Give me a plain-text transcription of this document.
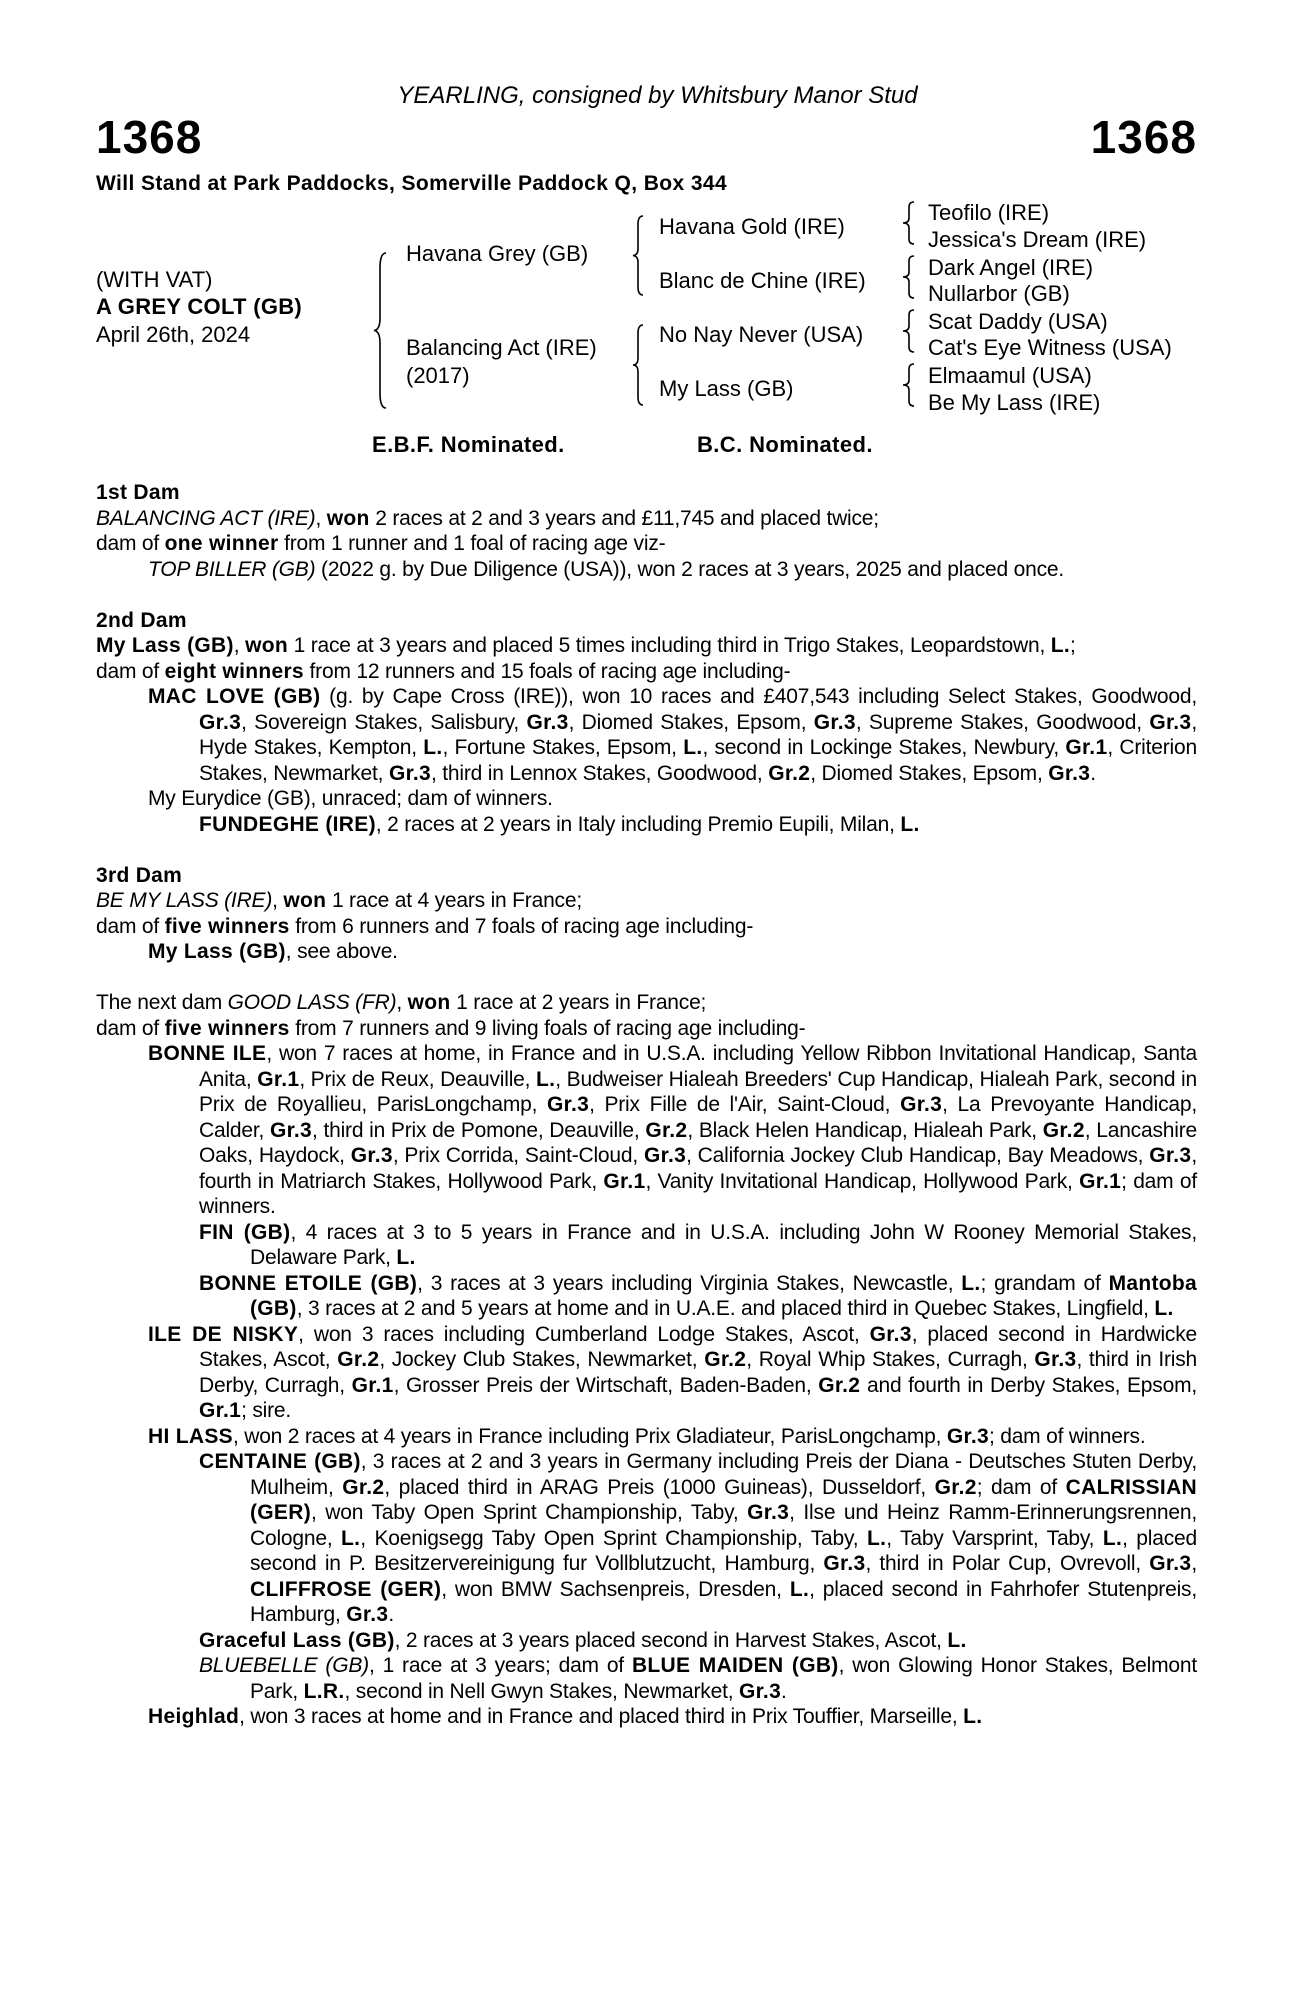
YEARLING, consigned by Whitsbury Manor Stud
1368	1368
Will Stand at Park Paddocks, Somerville Paddock Q, Box 344
(WITH VAT)
A GREY COLT (GB)
April 26th, 2024
Havana Grey (GB)
Balancing Act (IRE)
(2017)
Havana Gold (IRE)
Blanc de Chine (IRE)
No Nay Never (USA)
My Lass (GB)
Teofilo (IRE)
Jessica's Dream (IRE)
Dark Angel (IRE)
Nullarbor (GB)
Scat Daddy (USA)
Cat's Eye Witness (USA)
Elmaamul (USA)
Be My Lass (IRE)
E.B.F. Nominated.	B.C. Nominated.
1st Dam
BALANCING ACT (IRE), won 2 races at 2 and 3 years and £11,745 and placed twice;
dam of one winner from 1 runner and 1 foal of racing age viz-
TOP BILLER (GB) (2022 g. by Due Diligence (USA)), won 2 races at 3 years, 2025 and placed once.
2nd Dam
My Lass (GB), won 1 race at 3 years and placed 5 times including third in Trigo Stakes, Leopardstown, L.;
dam of eight winners from 12 runners and 15 foals of racing age including-
MAC LOVE (GB) (g. by Cape Cross (IRE)), won 10 races and £407,543 including Select Stakes, Goodwood, Gr.3, Sovereign Stakes, Salisbury, Gr.3, Diomed Stakes, Epsom, Gr.3, Supreme Stakes, Goodwood, Gr.3, Hyde Stakes, Kempton, L., Fortune Stakes, Epsom, L., second in Lockinge Stakes, Newbury, Gr.1, Criterion Stakes, Newmarket, Gr.3, third in Lennox Stakes, Goodwood, Gr.2, Diomed Stakes, Epsom, Gr.3.
My Eurydice (GB), unraced; dam of winners.
FUNDEGHE (IRE), 2 races at 2 years in Italy including Premio Eupili, Milan, L.
3rd Dam
BE MY LASS (IRE), won 1 race at 4 years in France;
dam of five winners from 6 runners and 7 foals of racing age including-
My Lass (GB), see above.
The next dam GOOD LASS (FR), won 1 race at 2 years in France;
dam of five winners from 7 runners and 9 living foals of racing age including-
BONNE ILE, won 7 races at home, in France and in U.S.A. including Yellow Ribbon Invitational Handicap, Santa Anita, Gr.1, Prix de Reux, Deauville, L., Budweiser Hialeah Breeders' Cup Handicap, Hialeah Park, second in Prix de Royallieu, ParisLongchamp, Gr.3, Prix Fille de l'Air, Saint-Cloud, Gr.3, La Prevoyante Handicap, Calder, Gr.3, third in Prix de Pomone, Deauville, Gr.2, Black Helen Handicap, Hialeah Park, Gr.2, Lancashire Oaks, Haydock, Gr.3, Prix Corrida, Saint-Cloud, Gr.3, California Jockey Club Handicap, Bay Meadows, Gr.3, fourth in Matriarch Stakes, Hollywood Park, Gr.1, Vanity Invitational Handicap, Hollywood Park, Gr.1; dam of winners.
FIN (GB), 4 races at 3 to 5 years in France and in U.S.A. including John W Rooney Memorial Stakes, Delaware Park, L.
BONNE ETOILE (GB), 3 races at 3 years including Virginia Stakes, Newcastle, L.; grandam of Mantoba (GB), 3 races at 2 and 5 years at home and in U.A.E. and placed third in Quebec Stakes, Lingfield, L.
ILE DE NISKY, won 3 races including Cumberland Lodge Stakes, Ascot, Gr.3, placed second in Hardwicke Stakes, Ascot, Gr.2, Jockey Club Stakes, Newmarket, Gr.2, Royal Whip Stakes, Curragh, Gr.3, third in Irish Derby, Curragh, Gr.1, Grosser Preis der Wirtschaft, Baden-Baden, Gr.2 and fourth in Derby Stakes, Epsom, Gr.1; sire.
HI LASS, won 2 races at 4 years in France including Prix Gladiateur, ParisLongchamp, Gr.3; dam of winners.
CENTAINE (GB), 3 races at 2 and 3 years in Germany including Preis der Diana - Deutsches Stuten Derby, Mulheim, Gr.2, placed third in ARAG Preis (1000 Guineas), Dusseldorf, Gr.2; dam of CALRISSIAN (GER), won Taby Open Sprint Championship, Taby, Gr.3, Ilse und Heinz Ramm-Erinnerungsrennen, Cologne, L., Koenigsegg Taby Open Sprint Championship, Taby, L., Taby Varsprint, Taby, L., placed second in P. Besitzervereinigung fur Vollblutzucht, Hamburg, Gr.3, third in Polar Cup, Ovrevoll, Gr.3, CLIFFROSE (GER), won BMW Sachsenpreis, Dresden, L., placed second in Fahrhofer Stutenpreis, Hamburg, Gr.3.
Graceful Lass (GB), 2 races at 3 years placed second in Harvest Stakes, Ascot, L.
BLUEBELLE (GB), 1 race at 3 years; dam of BLUE MAIDEN (GB), won Glowing Honor Stakes, Belmont Park, L.R., second in Nell Gwyn Stakes, Newmarket, Gr.3.
Heighlad, won 3 races at home and in France and placed third in Prix Touffier, Marseille, L.
